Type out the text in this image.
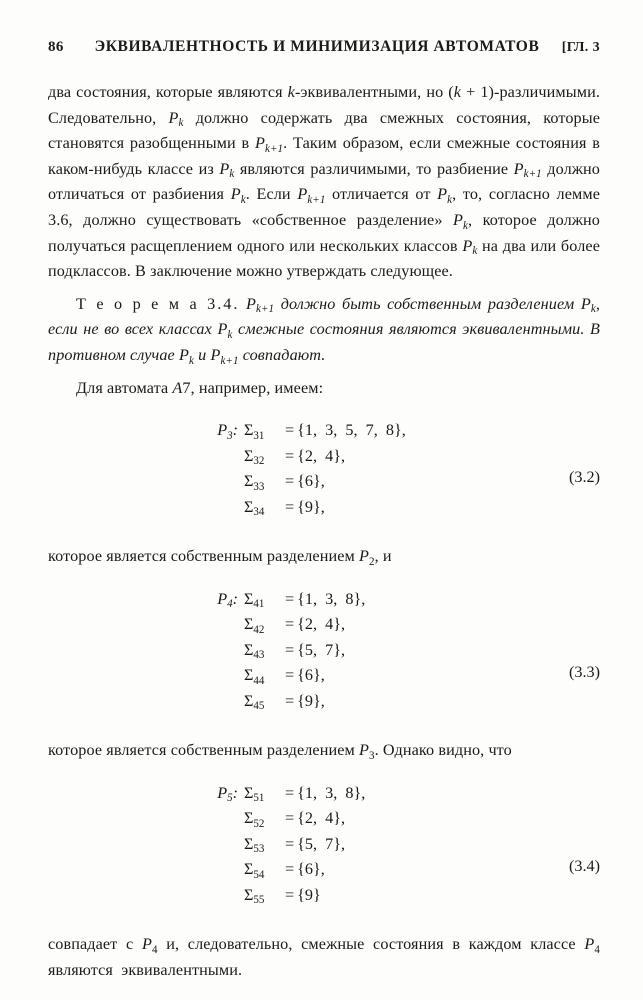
86	ЭКВИВАЛЕНТНОСТЬ И МИНИМИЗАЦИЯ АВТОМАТОВ	[ГЛ. 3

два состояния, которые являются k-эквивалентными, но (k + 1)-различимыми. Следовательно, $P_k$ должно содержать два смежных состояния, которые становятся разобщенными в $P_{k+1}$. Таким образом, если смежные состояния в каком-нибудь классе из $P_k$ являются различимыми, то разбиение $P_{k+1}$ должно отличаться от разбиения $P_k$. Если $P_{k+1}$ отличается от $P_k$, то, согласно лемме 3.6, должно существовать «собственное разделение» $P_k$, которое должно получаться расщеплением одного или нескольких классов $P_k$ на два или более подклассов. В заключение можно утверждать следующее.

Т е о р е м а 3.4. $P_{k+1}$ должно быть собственным разделением $P_k$, если не во всех классах $P_k$ смежные состояния являются эквивалентными. В противном случае $P_k$ и $P_{k+1}$ совпадают.

Для автомата A7, например, имеем:

$P_3$: $\Sigma_{31}$	= {1,  3,  5,  7,  8},
$\Sigma_{32}$	= {2,  4},
$\Sigma_{33}$	= {6},
$\Sigma_{34}$	= {9},
(3.2)

которое является собственным разделением $P_2$, и

$P_4$: $\Sigma_{41}$	= {1,  3,  8},
$\Sigma_{42}$	= {2,  4},
$\Sigma_{43}$	= {5,  7},
$\Sigma_{44}$	= {6},
$\Sigma_{45}$	= {9},
(3.3)

которое является собственным разделением $P_3$. Однако видно, что

$P_5$: $\Sigma_{51}$	= {1,  3,  8},
$\Sigma_{52}$	= {2,  4},
$\Sigma_{53}$	= {5,  7},
$\Sigma_{54}$	= {6},
$\Sigma_{55}$	= {9}
(3.4)

совпадает с $P_4$ и, следовательно, смежные состояния в каждом классе $P_4$ являются  эквивалентными.
